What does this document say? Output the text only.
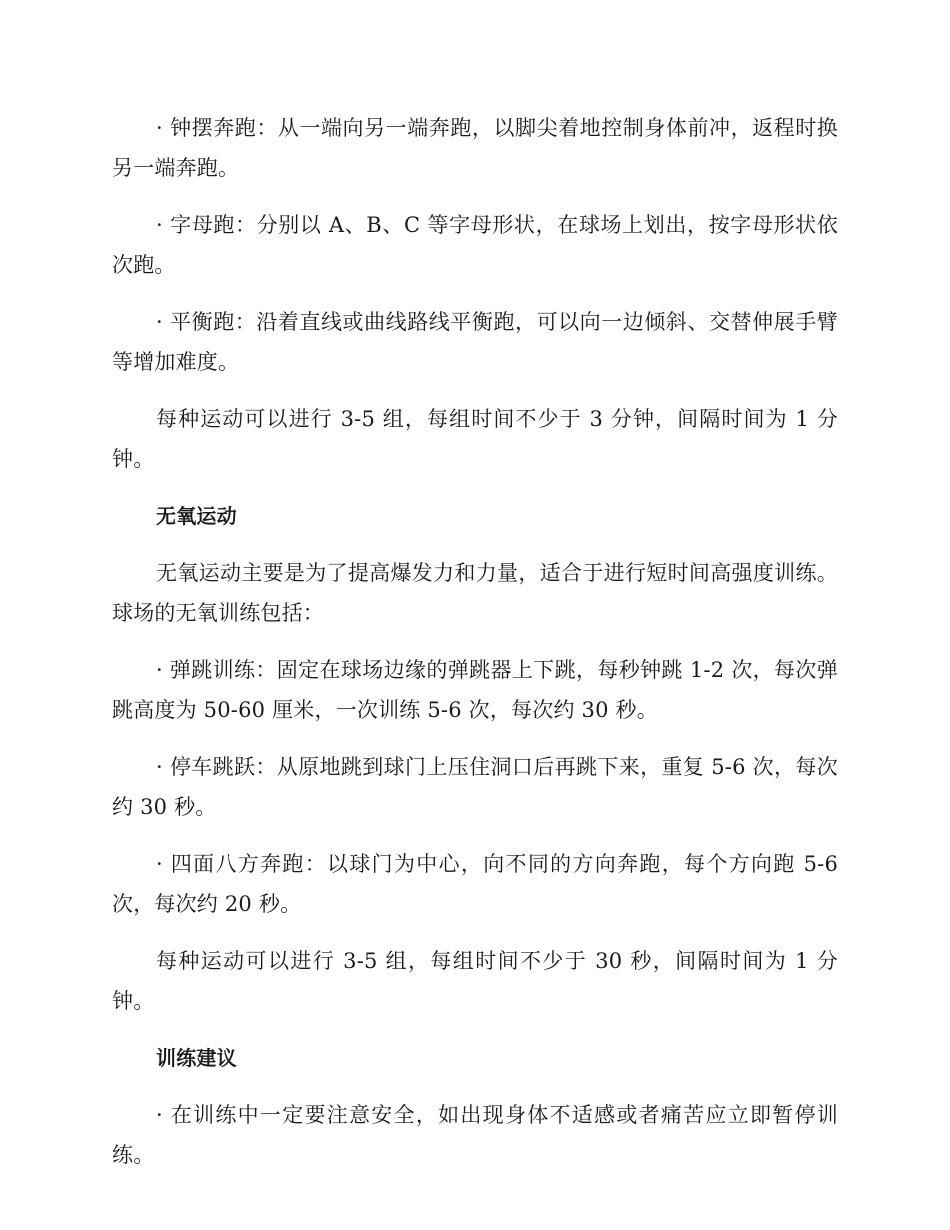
· 钟摆奔跑：从一端向另一端奔跑，以脚尖着地控制身体前冲，返程时换另一端奔跑。

· 字母跑：分别以 A、B、C 等字母形状，在球场上划出，按字母形状依次跑。

· 平衡跑：沿着直线或曲线路线平衡跑，可以向一边倾斜、交替伸展手臂等增加难度。

每种运动可以进行 3-5 组，每组时间不少于 3 分钟，间隔时间为 1 分钟。

无氧运动

无氧运动主要是为了提高爆发力和力量，适合于进行短时间高强度训练。球场的无氧训练包括：

· 弹跳训练：固定在球场边缘的弹跳器上下跳，每秒钟跳 1-2 次，每次弹跳高度为 50-60 厘米，一次训练 5-6 次，每次约 30 秒。

· 停车跳跃：从原地跳到球门上压住洞口后再跳下来，重复 5-6 次，每次约 30 秒。

· 四面八方奔跑：以球门为中心，向不同的方向奔跑，每个方向跑 5-6 次，每次约 20 秒。

每种运动可以进行 3-5 组，每组时间不少于 30 秒，间隔时间为 1 分钟。

训练建议

· 在训练中一定要注意安全，如出现身体不适感或者痛苦应立即暂停训练。
